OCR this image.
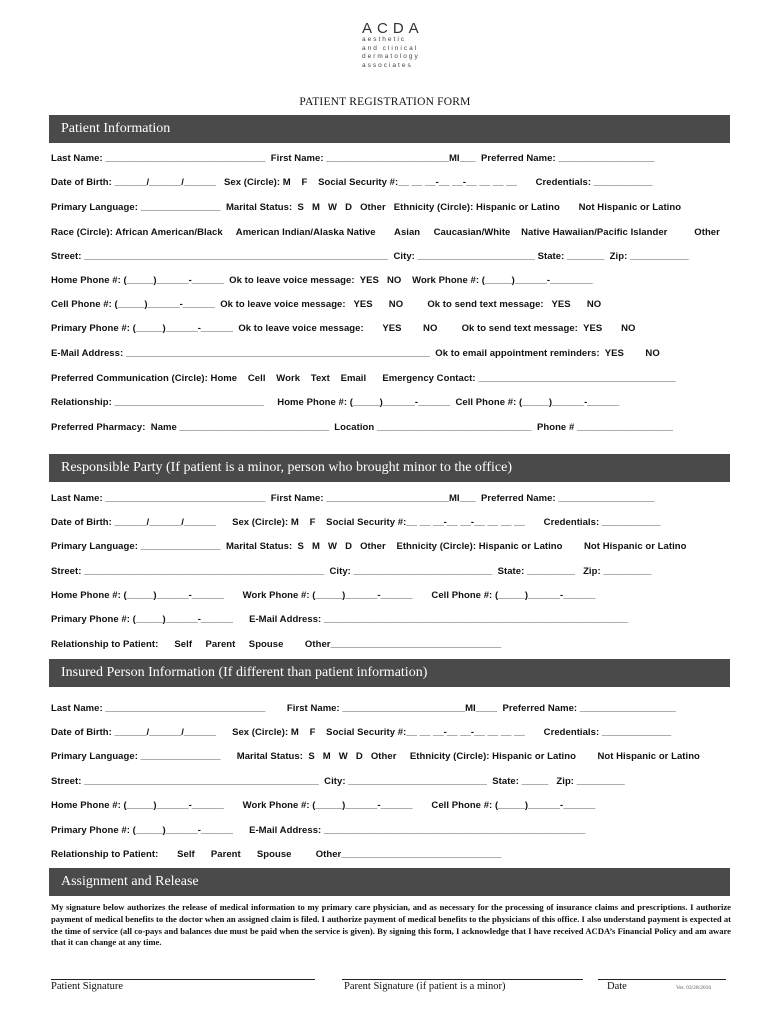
ACDA
aesthetic
and clinical
dermatology
associates
PATIENT REGISTRATION FORM
Patient Information
Last Name: ______________________________  First Name: _______________________MI___  Preferred Name: __________________
Date of Birth: ______/______/______   Sex (Circle): M    F    Social Security #:__ __ __-__ __-__ __ __ __       Credentials: ___________
Primary Language: _______________  Marital Status:  S   M   W   D   Other   Ethnicity (Circle): Hispanic or Latino       Not Hispanic or Latino
Race (Circle): African American/Black     American Indian/Alaska Native       Asian     Caucasian/White    Native Hawaiian/Pacific Islander          Other
Street: _________________________________________________________  City: ______________________ State: _______  Zip: ___________
Home Phone #: (_____)______-______  Ok to leave voice message:  YES   NO    Work Phone #: (_____)______-________
Cell Phone #: (_____)______-______  Ok to leave voice message:   YES      NO         Ok to send text message:   YES      NO
Primary Phone #: (_____)______-______  Ok to leave voice message:       YES        NO         Ok to send text message:  YES       NO
E-Mail Address: _________________________________________________________  Ok to email appointment reminders:  YES        NO
Preferred Communication (Circle): Home    Cell    Work    Text    Email      Emergency Contact: _____________________________________
Relationship: ____________________________     Home Phone #: (_____)______-______  Cell Phone #: (_____)______-______
Preferred Pharmacy:  Name ____________________________  Location _____________________________  Phone # __________________
Responsible Party (If patient is a minor, person who brought minor to the office)
Last Name: ______________________________  First Name: _______________________MI___  Preferred Name: __________________
Date of Birth: ______/______/______      Sex (Circle): M    F    Social Security #:__ __ __-__ __-__ __ __ __       Credentials: ___________
Primary Language: _______________  Marital Status:  S   M   W   D   Other    Ethnicity (Circle): Hispanic or Latino        Not Hispanic or Latino
Street: _____________________________________________  City: __________________________  State: _________   Zip: _________
Home Phone #: (_____)______-______       Work Phone #: (_____)______-______       Cell Phone #: (_____)______-______
Primary Phone #: (_____)______-______      E-Mail Address: _________________________________________________________
Relationship to Patient:      Self     Parent     Spouse        Other________________________________
Insured Person Information (If different than patient information)
Last Name: ______________________________        First Name: _______________________MI____  Preferred Name: __________________
Date of Birth: ______/______/______      Sex (Circle): M    F    Social Security #:__ __ __-__ __-__ __ __ __       Credentials: _____________
Primary Language: _______________      Marital Status:  S   M   W   D   Other     Ethnicity (Circle): Hispanic or Latino        Not Hispanic or Latino
Street: ____________________________________________  City: __________________________  State: _____   Zip: _________
Home Phone #: (_____)______-______       Work Phone #: (_____)______-______       Cell Phone #: (_____)______-______
Primary Phone #: (_____)______-______      E-Mail Address: _________________________________________________
Relationship to Patient:       Self      Parent      Spouse         Other______________________________
Assignment and Release
My signature below authorizes the release of medical information to my primary care physician, and as necessary for the processing of insurance claims and prescriptions. I authorize payment of medical benefits to the doctor when an assigned claim is filed. I authorize payment of medical benefits to the physicians of this office. I also understand payment is expected at the time of service (all co-pays and balances due must be paid when the service is given). By signing this form, I acknowledge that I have received ACDA’s Financial Policy and am aware that it can change at any time.
Patient Signature	Parent Signature (if patient is a minor)	Date	Ver. 03/28/2016
